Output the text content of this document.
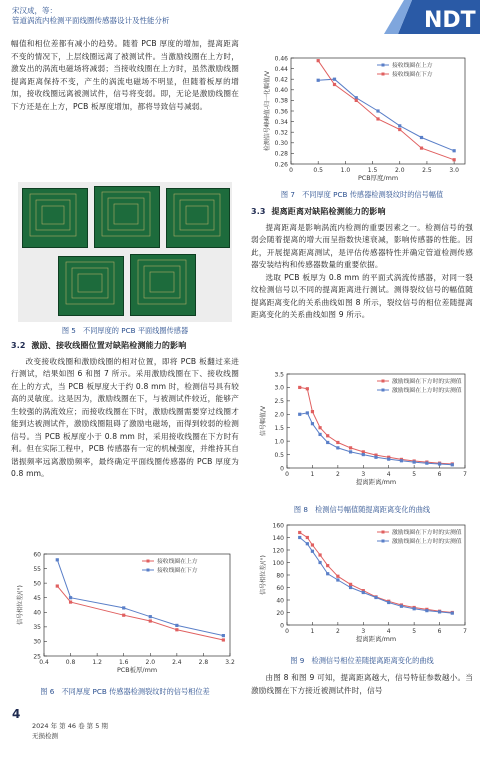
宋汉成，等：
管道涡流内检测平面线圈传感器设计及性能分析	NDT

幅值和相位差都有减小的趋势。随着 PCB 厚度的增加，提离距离不变的情况下，上层线圈远离了被测试件。当激励线圈在上方时，激发出的涡流电磁场将减弱；当接收线圈在上方时，虽然激励线圈提离距离保持不变，产生的涡流电磁场不明显，但随着板厚的增加，接收线圈远离被测试件，信号将变弱。即，无论是激励线圈在下方还是在上方，PCB 板厚度增加，都将导致信号减弱。

图 5　不同厚度的 PCB 平面线圈传感器

3.2 激励、接收线圈位置对缺陷检测能力的影响

改变接收线圈和激励线圈的相对位置，即将 PCB 板翻过来进行测试，结果如图 6 和图 7 所示。采用激励线圈在下、接收线圈在上的方式，当 PCB 板厚度大于约 0.8 mm 时，检测信号具有较高的灵敏度。这是因为，激励线圈在下，与被测试件较近，能够产生较强的涡流效应；而接收线圈在下时，激励线圈需要穿过线圈才能到达被测试件，激励线圈阻碍了激励电磁场，而得到较弱的检测信号。当 PCB 板厚度小于 0.8 mm 时，采用接收线圈在下方时有利。但在实际工程中，PCB 传感器有一定的机械强度，并维持其自谐振频率远离激励频率，最终确定平面线圈传感器的 PCB 厚度为 0.8 mm。

25
30
35
40
45
50
55
60
0.4	0.8	1.2	1.6	2.0	2.4	2.8	3.2
PCB板厚/mm
信号相位差/(°)
接收线圈在上方
接收线圈在下方
图 6　不同厚度 PCB 传感器检测裂纹时的信号相位差
0.26
0.28
0.30
0.32
0.34
0.36
0.38
0.40
0.42
0.44
0.46
0	0.5	1.0	1.5	2.0	2.5	3.0
PCB厚度/mm
检测信号峰峰值-归一化幅值/V
接收线圈在上方
接收线圈在下方
图 7　不同厚度 PCB 传感器检测裂纹时的信号幅值

3.3 提离距离对缺陷检测能力的影响

提离距离是影响涡流内检测的重要因素之一。检测信号的强弱会随着提离的增大而呈指数快速衰减，影响传感器的性能。因此，开展提离距离测试，是评估传感器特性并确定管道检测传感器安装结构和传感器数量的重要依据。

选取 PCB 板厚为 0.8 mm 的平面式涡流传感器，对同一裂纹检测信号以不同的提离距离进行测试。测得裂纹信号的幅值随提离距离变化的关系曲线如图 8 所示，裂纹信号的相位差随提离距离变化的关系曲线如图 9 所示。

0
0.5
1.0
1.5
2.0
2.5
3.0
3.5
0	1	2	3	4	5	6	7
提离距离/mm
信号幅值/V
激励线圈在下方时的实测值
激励线圈在上方时的实测值
图 8　检测信号幅值随提离距离变化的曲线
0
20
40
60
80
100
120
140
160
0	1	2	3	4	5	6	7
提离距离/mm
信号相位差/(°)
激励线圈在下方时的实测值
激励线圈在上方时的实测值
图 9　检测信号相位差随提离距离变化的曲线

由图 8 和图 9 可知，提离距离越大，信号特征参数越小。当激励线圈在下方接近被测试件时，信号

4
2024 年 第 46 卷 第 5 期
无损检测
